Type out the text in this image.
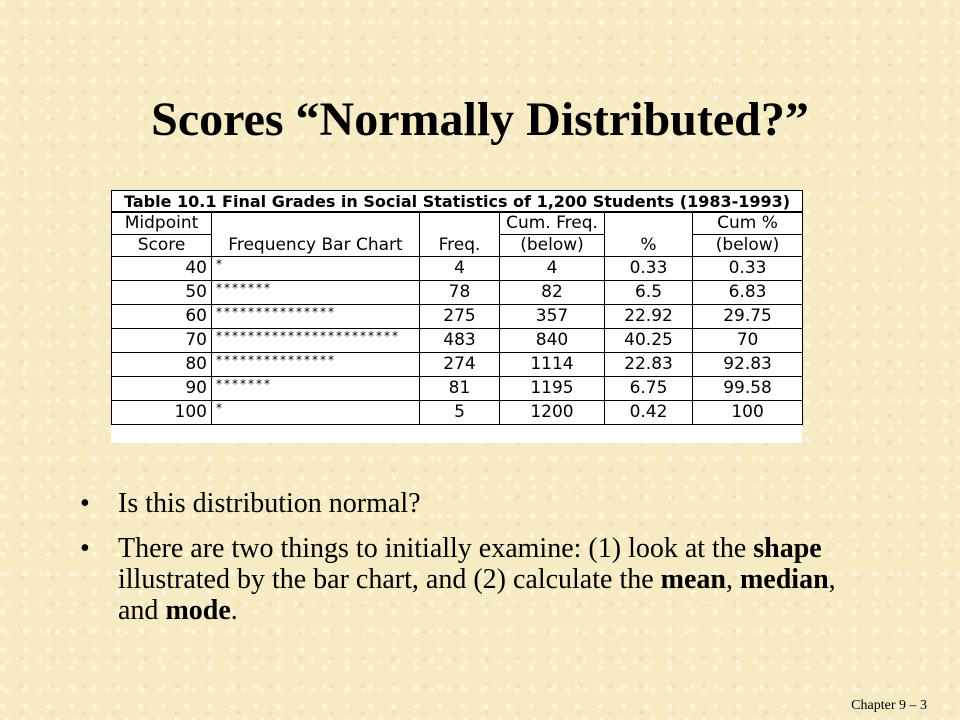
Scores “Normally Distributed?”
Table 10.1 Final Grades in Social Statistics of 1,200 Students (1983-1993)					
Midpoint			Cum. Freq.		Cum %
Score	Frequency Bar Chart	Freq.	(below)	%	(below)
40	*	4	4	0.33	0.33
50	*******	78	82	6.5	6.83
60	***************	275	357	22.92	29.75
70	***********************	483	840	40.25	70
80	***************	274	1114	22.83	92.83
90	*******	81	1195	6.75	99.58
100	*	5	1200	0.42	100
• Is this distribution normal?
• There are two things to initially examine: (1) look at the shape illustrated by the bar chart, and (2) calculate the mean, median, and mode.
Chapter 9 – 3
